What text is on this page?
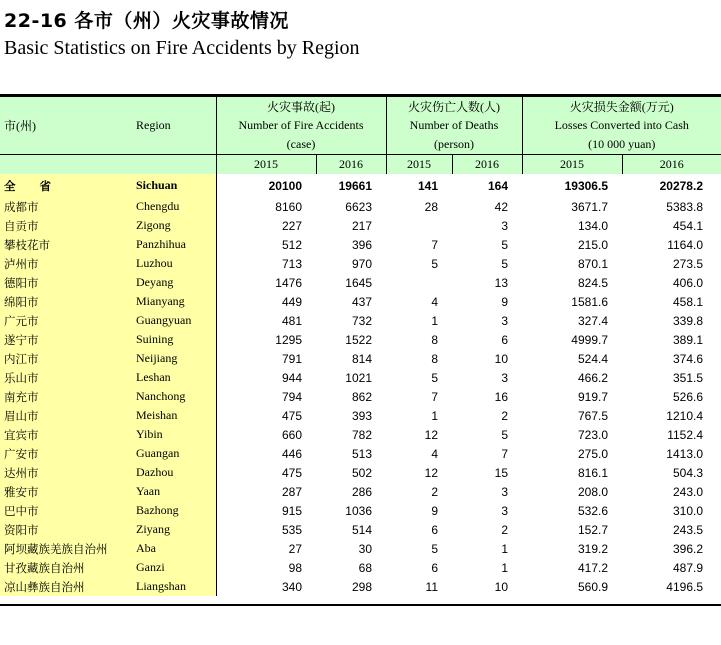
22-16 各市（州）火灾事故情况
Basic Statistics on Fire Accidents by Region
		火灾事故(起)		火灾伤亡人数(人)		火灾损失金额(万元)	
市(州)	Region	Number of Fire Accidents		Number of Deaths		Losses Converted into Cash	
		(case)		(person)		(10 000 yuan)	
		2015	2016	2015	2016	2015	2016
全 省	Sichuan	20100	19661	141	164	19306.5	20278.2
成都市	Chengdu	8160	6623	28	42	3671.7	5383.8
自贡市	Zigong	227	217		3	134.0	454.1
攀枝花市	Panzhihua	512	396	7	5	215.0	1164.0
泸州市	Luzhou	713	970	5	5	870.1	273.5
德阳市	Deyang	1476	1645		13	824.5	406.0
绵阳市	Mianyang	449	437	4	9	1581.6	458.1
广元市	Guangyuan	481	732	1	3	327.4	339.8
遂宁市	Suining	1295	1522	8	6	4999.7	389.1
内江市	Neijiang	791	814	8	10	524.4	374.6
乐山市	Leshan	944	1021	5	3	466.2	351.5
南充市	Nanchong	794	862	7	16	919.7	526.6
眉山市	Meishan	475	393	1	2	767.5	1210.4
宜宾市	Yibin	660	782	12	5	723.0	1152.4
广安市	Guangan	446	513	4	7	275.0	1413.0
达州市	Dazhou	475	502	12	15	816.1	504.3
雅安市	Yaan	287	286	2	3	208.0	243.0
巴中市	Bazhong	915	1036	9	3	532.6	310.0
资阳市	Ziyang	535	514	6	2	152.7	243.5
阿坝藏族羌族自治州	Aba	27	30	5	1	319.2	396.2
甘孜藏族自治州	Ganzi	98	68	6	1	417.2	487.9
凉山彝族自治州	Liangshan	340	298	11	10	560.9	4196.5
